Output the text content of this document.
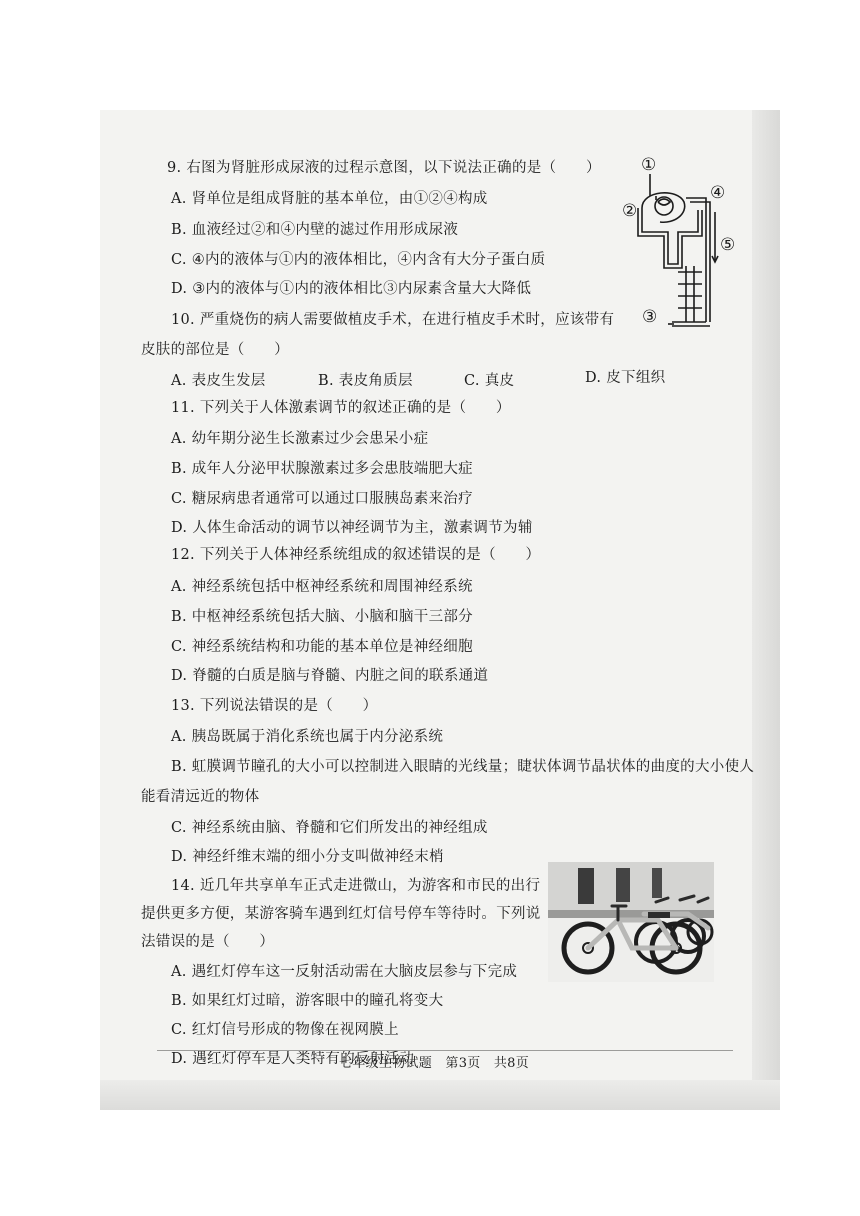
9. 右图为肾脏形成尿液的过程示意图，以下说法正确的是（　　）
A. 肾单位是组成肾脏的基本单位，由①②④构成
B. 血液经过②和④内壁的滤过作用形成尿液
C. ④内的液体与①内的液体相比，④内含有大分子蛋白质
D. ③内的液体与①内的液体相比③内尿素含量大大降低
①
②
④
⑤
③
10. 严重烧伤的病人需要做植皮手术，在进行植皮手术时，应该带有
皮肤的部位是（　　）
A. 表皮生发层	B. 表皮角质层	C. 真皮	D. 皮下组织
11. 下列关于人体激素调节的叙述正确的是（　　）
A. 幼年期分泌生长激素过少会患呆小症
B. 成年人分泌甲状腺激素过多会患肢端肥大症
C. 糖尿病患者通常可以通过口服胰岛素来治疗
D. 人体生命活动的调节以神经调节为主，激素调节为辅
12. 下列关于人体神经系统组成的叙述错误的是（　　）
A. 神经系统包括中枢神经系统和周围神经系统
B. 中枢神经系统包括大脑、小脑和脑干三部分
C. 神经系统结构和功能的基本单位是神经细胞
D. 脊髓的白质是脑与脊髓、内脏之间的联系通道
13. 下列说法错误的是（　　）
A. 胰岛既属于消化系统也属于内分泌系统
B. 虹膜调节瞳孔的大小可以控制进入眼睛的光线量；睫状体调节晶状体的曲度的大小使人
能看清远近的物体
C. 神经系统由脑、脊髓和它们所发出的神经组成
D. 神经纤维末端的细小分支叫做神经末梢
14. 近几年共享单车正式走进微山，为游客和市民的出行
提供更多方便，某游客骑车遇到红灯信号停车等待时。下列说
法错误的是（　　）
A. 遇红灯停车这一反射活动需在大脑皮层参与下完成
B. 如果红灯过暗，游客眼中的瞳孔将变大
C. 红灯信号形成的物像在视网膜上
D. 遇红灯停车是人类特有的反射活动
七年级生物试题　第3页　共8页
